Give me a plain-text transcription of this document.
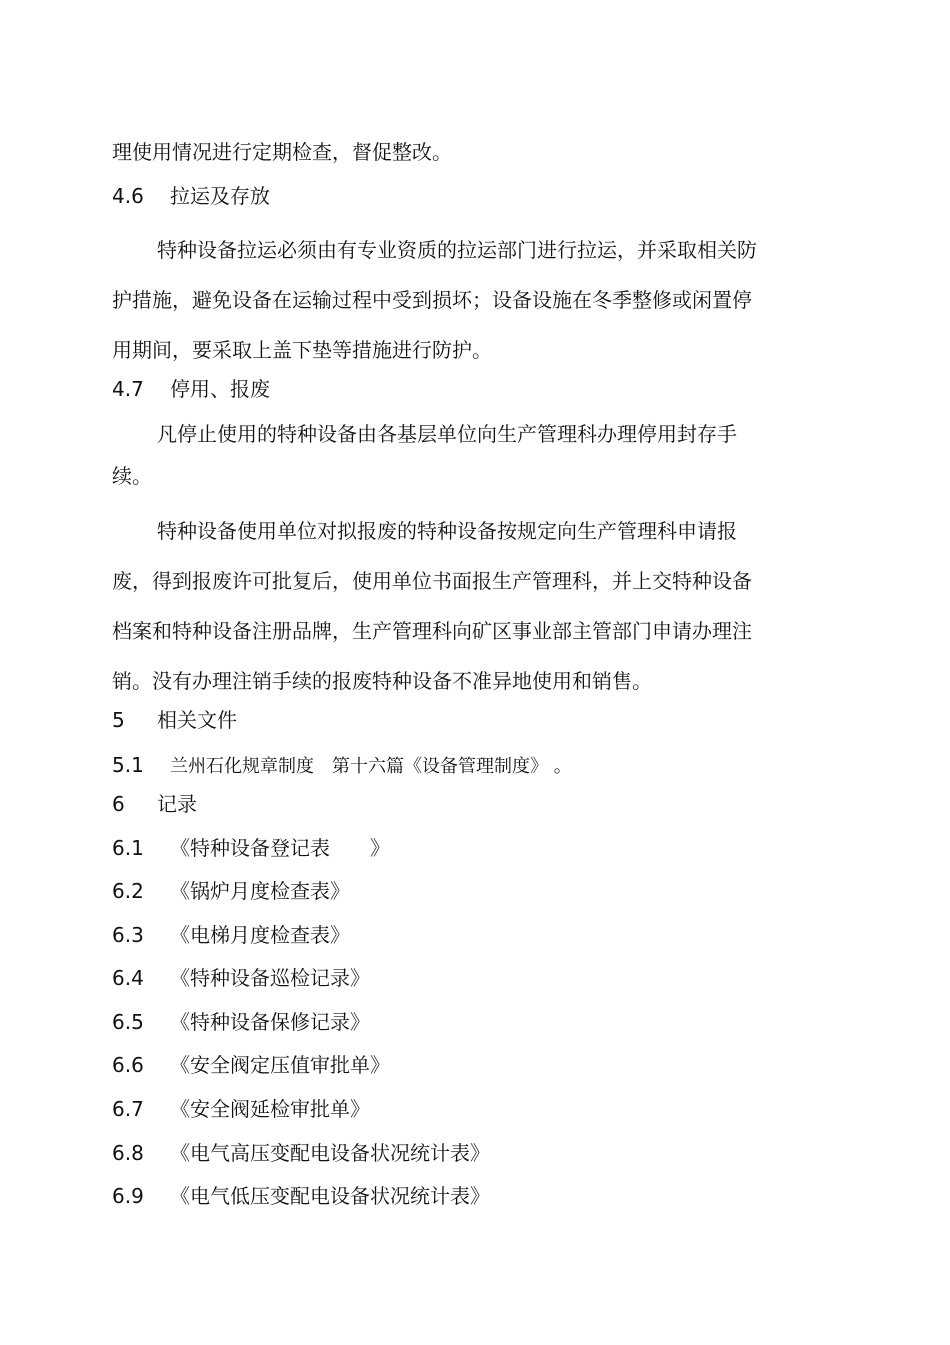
理使用情况进行定期检查，督促整改。
4.6 拉运及存放
特种设备拉运必须由有专业资质的拉运部门进行拉运，并采取相关防
护措施，避免设备在运输过程中受到损坏；设备设施在冬季整修或闲置停
用期间，要采取上盖下垫等措施进行防护。
4.7 停用、报废
凡停止使用的特种设备由各基层单位向生产管理科办理停用封存手
续。
特种设备使用单位对拟报废的特种设备按规定向生产管理科申请报
废，得到报废许可批复后，使用单位书面报生产管理科，并上交特种设备
档案和特种设备注册品牌，生产管理科向矿区事业部主管部门申请办理注
销。没有办理注销手续的报废特种设备不准异地使用和销售。
5 相关文件
5.1 兰州石化规章制度　第十六篇《设备管理制度》 。
6 记录
6.1 《特种设备登记表　　》
6.2 《锅炉月度检查表》
6.3 《电梯月度检查表》
6.4 《特种设备巡检记录》
6.5 《特种设备保修记录》
6.6 《安全阀定压值审批单》
6.7 《安全阀延检审批单》
6.8 《电气高压变配电设备状况统计表》
6.9 《电气低压变配电设备状况统计表》
